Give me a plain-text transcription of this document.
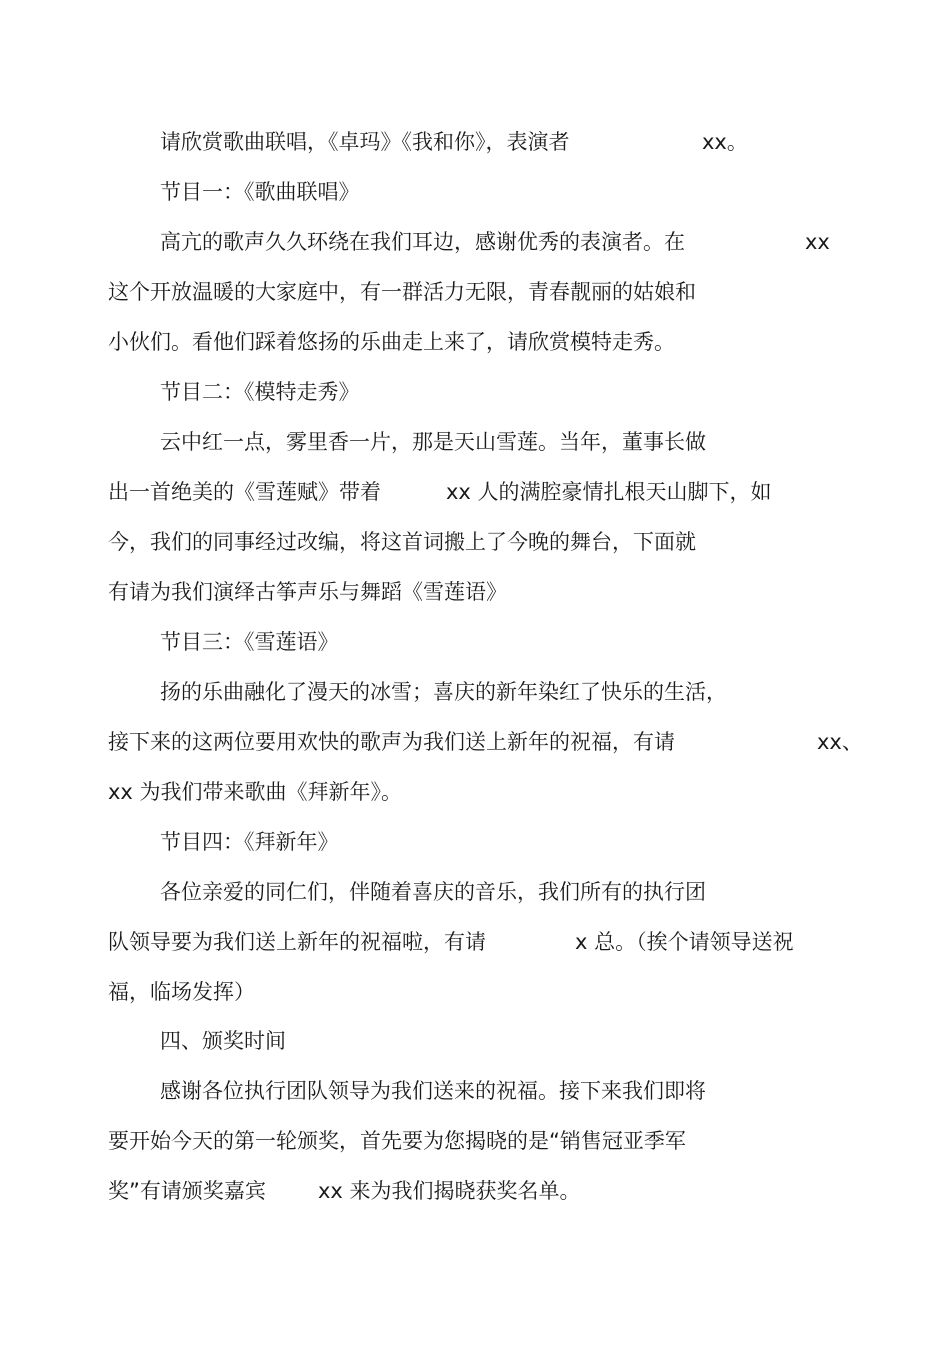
请欣赏歌曲联唱，《卓玛》《我和你》，表演者	xx。
节目一：《歌曲联唱》
高亢的歌声久久环绕在我们耳边，感谢优秀的表演者。在	xx
这个开放温暖的大家庭中，有一群活力无限，青春靓丽的姑娘和
小伙们。看他们踩着悠扬的乐曲走上来了，请欣赏模特走秀。
节目二：《模特走秀》
云中红一点，雾里香一片，那是天山雪莲。当年，董事长做
出一首绝美的《雪莲赋》带着	xx 人的满腔豪情扎根天山脚下，如
今，我们的同事经过改编，将这首词搬上了今晚的舞台，下面就
有请为我们演绎古筝声乐与舞蹈《雪莲语》
节目三：《雪莲语》
扬的乐曲融化了漫天的冰雪；喜庆的新年染红了快乐的生活，
接下来的这两位要用欢快的歌声为我们送上新年的祝福，有请	xx、
xx 为我们带来歌曲《拜新年》。
节目四：《拜新年》
各位亲爱的同仁们，伴随着喜庆的音乐，我们所有的执行团
队领导要为我们送上新年的祝福啦，有请	x 总。（挨个请领导送祝
福，临场发挥）
四、颁奖时间
感谢各位执行团队领导为我们送来的祝福。接下来我们即将
要开始今天的第一轮颁奖，首先要为您揭晓的是“销售冠亚季军
奖”有请颁奖嘉宾 xx 来为我们揭晓获奖名单。
